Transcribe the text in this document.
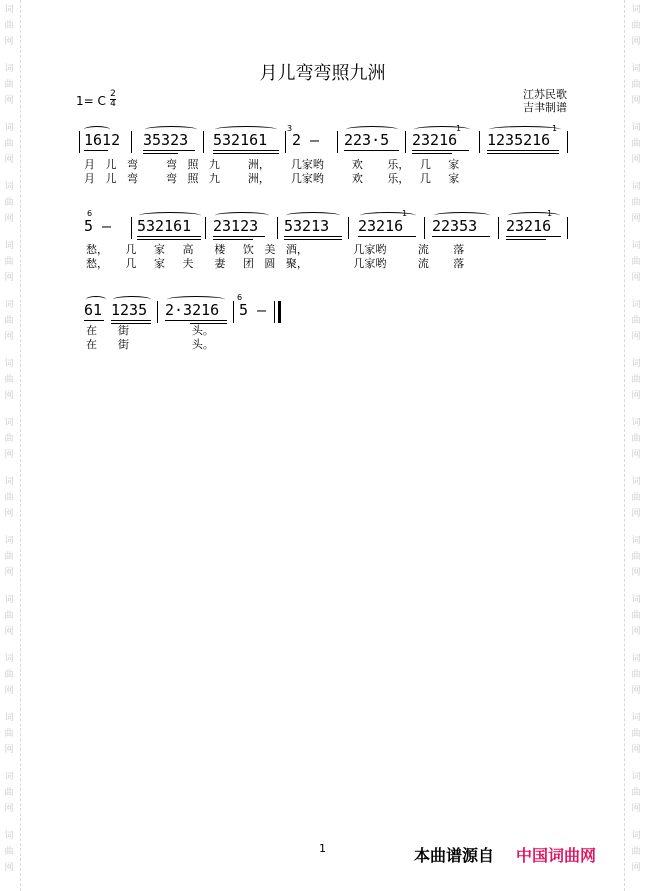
词
曲
网
词
曲
网
词
曲
网
词
曲
网
词
曲
网
词
曲
网
词
曲
网
词
曲
网
词
曲
网
词
曲
网
词
曲
网
词
曲
网
词
曲
网
词
曲
网
词
曲
网
词
曲
网
词
曲
网
词
曲
网
词
曲
网
词
曲
网
词
曲
网
词
曲
网
词
曲
网
词
曲
网
词
曲
网
词
曲
网
词
曲
网
词
曲
网
词
曲
网
词
曲
网
月儿弯弯照九洲
江苏民歌
吉聿制谱
1= C 2
4
1612 35323 532161 2 – 223·5 23216 1235216
3	1	1
月   儿   弯        弯   照   九        洲，      几家哟        欢       乐，   几     家
月   儿   弯        弯   照   九        洲，      几家哟        欢       乐，   几     家
5 – 532161 23123 53213 23216 22353 23216
6	1	1
愁，     几     家     高      楼     饮   美   酒，             几家哟         流       落
愁，     几     家     夫      妻     团   圆   聚，             几家哟         流       落
61 1235 2·3216 5 –
6
在      街                  头。
在      街                  头。
1	本曲谱源自 中国词曲网
